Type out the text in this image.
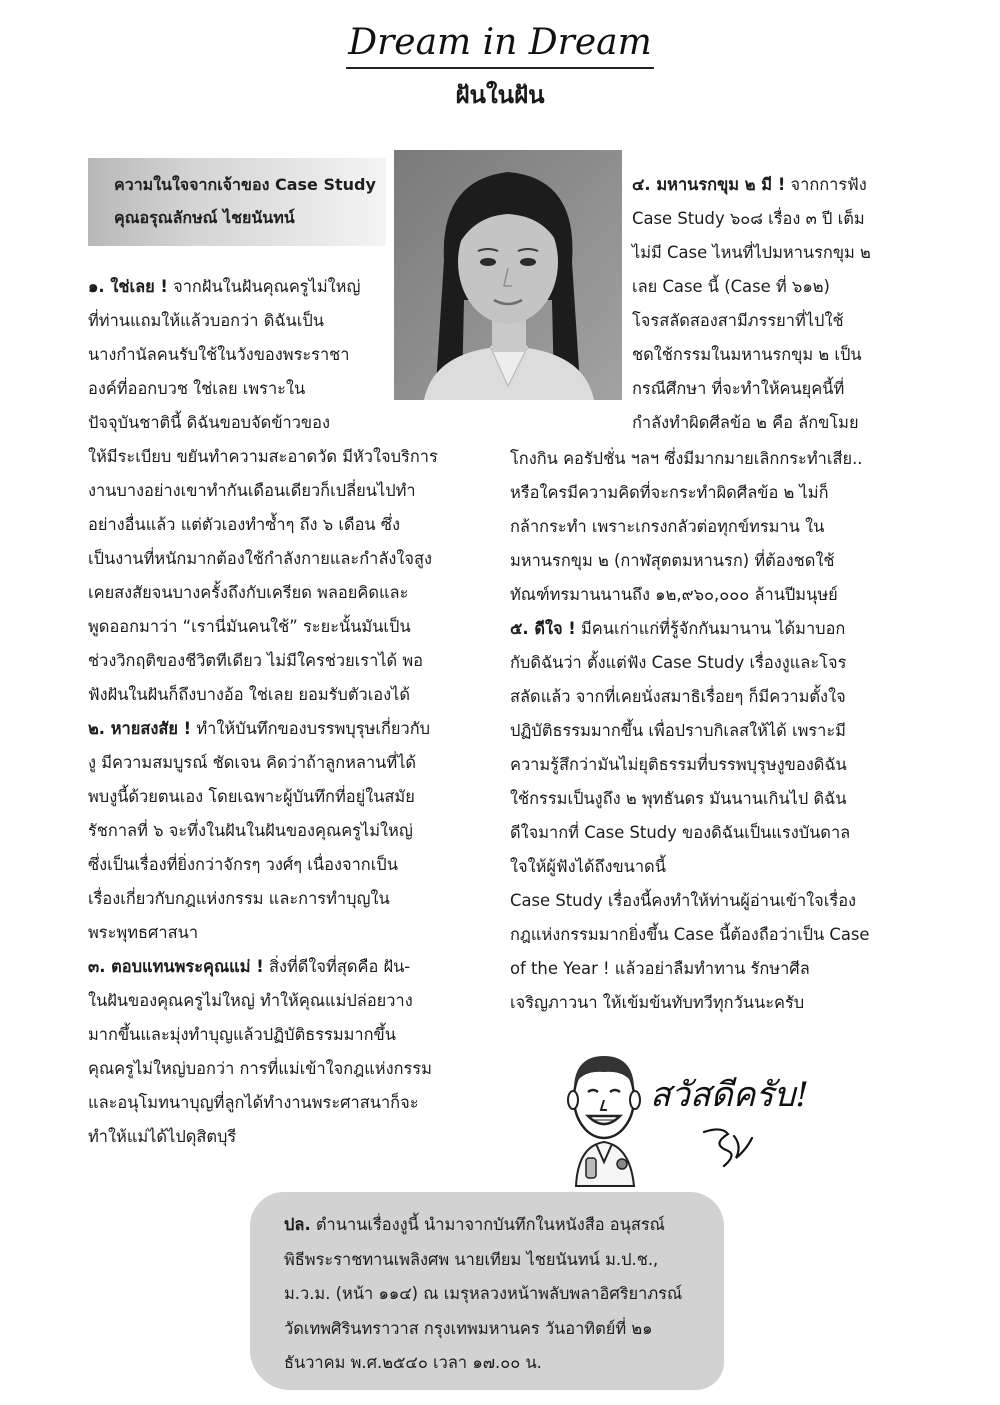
Dream in Dream
ฝันในฝัน
ความในใจจากเจ้าของ Case Study
คุณอรุณลักษณ์ ไชยนันทน์

๑. ใช่เลย ! จากฝันในฝันคุณครูไม่ใหญ่

ที่ท่านแถมให้แล้วบอกว่า ดิฉันเป็น

นางกำนัลคนรับใช้ในวังของพระราชา

องค์ที่ออกบวช ใช่เลย เพราะใน

ปัจจุบันชาตินี้ ดิฉันขอบจัดข้าวของ

ให้มีระเบียบ ขยันทำความสะอาดวัด มีหัวใจบริการ

งานบางอย่างเขาทำกันเดือนเดียวก็เปลี่ยนไปทำ

อย่างอื่นแล้ว แต่ตัวเองทำซ้ำๆ ถึง ๖ เดือน ซึ่ง

เป็นงานที่หนักมากต้องใช้กำลังกายและกำลังใจสูง

เคยสงสัยจนบางครั้งถึงกับเครียด พลอยคิดและ

พูดออกมาว่า “เรานี่มันคนใช้” ระยะนั้นมันเป็น

ช่วงวิกฤติของชีวิตทีเดียว ไม่มีใครช่วยเราได้ พอ

ฟังฝันในฝันก็ถึงบางอ้อ ใช่เลย ยอมรับตัวเองได้

๒. หายสงสัย ! ทำให้บันทึกของบรรพบุรุษเกี่ยวกับ

งู มีความสมบูรณ์ ชัดเจน คิดว่าถ้าลูกหลานที่ได้

พบงูนี้ด้วยตนเอง โดยเฉพาะผู้บันทึกที่อยู่ในสมัย

รัชกาลที่ ๖ จะทึ่งในฝันในฝันของคุณครูไม่ใหญ่

ซึ่งเป็นเรื่องที่ยิ่งกว่าจักรๆ วงศ์ๆ เนื่องจากเป็น

เรื่องเกี่ยวกับกฎแห่งกรรม และการทำบุญใน

พระพุทธศาสนา

๓. ตอบแทนพระคุณแม่ ! สิ่งที่ดีใจที่สุดคือ ฝัน-

ในฝันของคุณครูไม่ใหญ่ ทำให้คุณแม่ปล่อยวาง

มากขึ้นและมุ่งทำบุญแล้วปฏิบัติธรรมมากขึ้น

คุณครูไม่ใหญ่บอกว่า การที่แม่เข้าใจกฎแห่งกรรม

และอนุโมทนาบุญที่ลูกได้ทำงานพระศาสนาก็จะ

ทำให้แม่ได้ไปดุสิตบุรี

๔. มหานรกขุม ๒ มี ! จากการฟัง

Case Study ๖๐๘ เรื่อง ๓ ปี เต็ม

ไม่มี Case ไหนที่ไปมหานรกขุม ๒

เลย Case นี้ (Case ที่ ๖๑๒)

โจรสลัดสองสามีภรรยาที่ไปใช้

ชดใช้กรรมในมหานรกขุม ๒ เป็น

กรณีศึกษา ที่จะทำให้คนยุคนี้ที่

กำลังทำผิดศีลข้อ ๒ คือ ลักขโมย

โกงกิน คอรัปชั่น ฯลฯ ซึ่งมีมากมายเลิกกระทำเสีย..

หรือใครมีความคิดที่จะกระทำผิดศีลข้อ ๒ ไม่ก็

กล้ากระทำ เพราะเกรงกลัวต่อทุกข์ทรมาน ใน

มหานรกขุม ๒ (กาฬสุตตมหานรก) ที่ต้องชดใช้

ทัณฑ์ทรมานนานถึง ๑๒,๙๖๐,๐๐๐ ล้านปีมนุษย์

๕. ดีใจ ! มีคนเก่าแก่ที่รู้จักกันมานาน ได้มาบอก

กับดิฉันว่า ตั้งแต่ฟัง Case Study เรื่องงูและโจร

สลัดแล้ว จากที่เคยนั่งสมาธิเรื่อยๆ ก็มีความตั้งใจ

ปฏิบัติธรรมมากขึ้น เพื่อปราบกิเลสให้ได้ เพราะมี

ความรู้สึกว่ามันไม่ยุติธรรมที่บรรพบุรุษงูของดิฉัน

ใช้กรรมเป็นงูถึง ๒ พุทธันดร มันนานเกินไป ดิฉัน

ดีใจมากที่ Case Study ของดิฉันเป็นแรงบันดาล

ใจให้ผู้ฟังได้ถึงขนาดนี้

Case Study เรื่องนี้คงทำให้ท่านผู้อ่านเข้าใจเรื่อง

กฎแห่งกรรมมากยิ่งขึ้น Case นี้ต้องถือว่าเป็น Case

of the Year ! แล้วอย่าลืมทำทาน รักษาศีล

เจริญภาวนา ให้เข้มข้นทับทวีทุกวันนะครับ

สวัสดีครับ!
ปล. ตำนานเรื่องงูนี้ นำมาจากบันทึกในหนังสือ อนุสรณ์
พิธีพระราชทานเพลิงศพ นายเทียม ไชยนันทน์ ม.ป.ช.,
ม.ว.ม. (หน้า ๑๑๔) ณ เมรุหลวงหน้าพลับพลาอิศริยาภรณ์
วัดเทพศิรินทราวาส กรุงเทพมหานคร วันอาทิตย์ที่ ๒๑
ธันวาคม พ.ศ.๒๕๔๐ เวลา ๑๗.๐๐ น.
